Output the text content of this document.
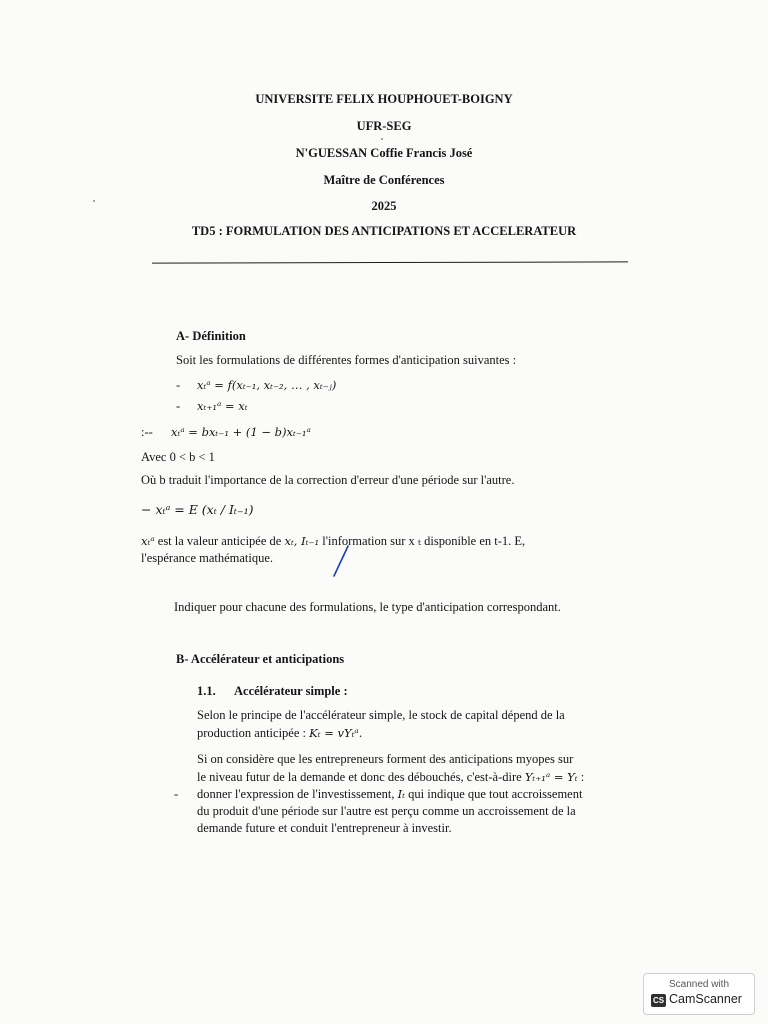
UNIVERSITE FELIX HOUPHOUET-BOIGNY
UFR-SEG
N'GUESSAN Coffie Francis José
Maître de Conférences
2025
TD5 : FORMULATION DES ANTICIPATIONS ET ACCELERATEUR
A- Définition
Soit les formulations de différentes formes d'anticipation suivantes :
- xₜᵃ = f(xₜ₋₁, xₜ₋₂, … , xₜ₋ⱼ)
- xₜ₊₁ᵃ = xₜ
:-- xₜᵃ = bxₜ₋₁ + (1 − b)xₜ₋₁ᵃ
Avec 0 < b < 1
Où b traduit l'importance de la correction d'erreur d'une période sur l'autre.
− xₜᵃ = E (xₜ / Iₜ₋₁)
xₜᵃ est la valeur anticipée de xₜ, Iₜ₋₁ l'information sur x ₜ disponible en t-1. E,
l'espérance mathématique.
Indiquer pour chacune des formulations, le type d'anticipation correspondant.
B- Accélérateur et anticipations
1.1. Accélérateur simple :
Selon le principe de l'accélérateur simple, le stock de capital dépend de la
production anticipée : Kₜ = vYₜᵃ.
Si on considère que les entrepreneurs forment des anticipations myopes sur
le niveau futur de la demande et donc des débouchés, c'est-à-dire Yₜ₊₁ᵃ = Yₜ :
- donner l'expression de l'investissement, Iₜ qui indique que tout accroissement
du produit d'une période sur l'autre est perçu comme un accroissement de la
demande future et conduit l'entrepreneur à investir.
Scanned with
CS CamScanner
